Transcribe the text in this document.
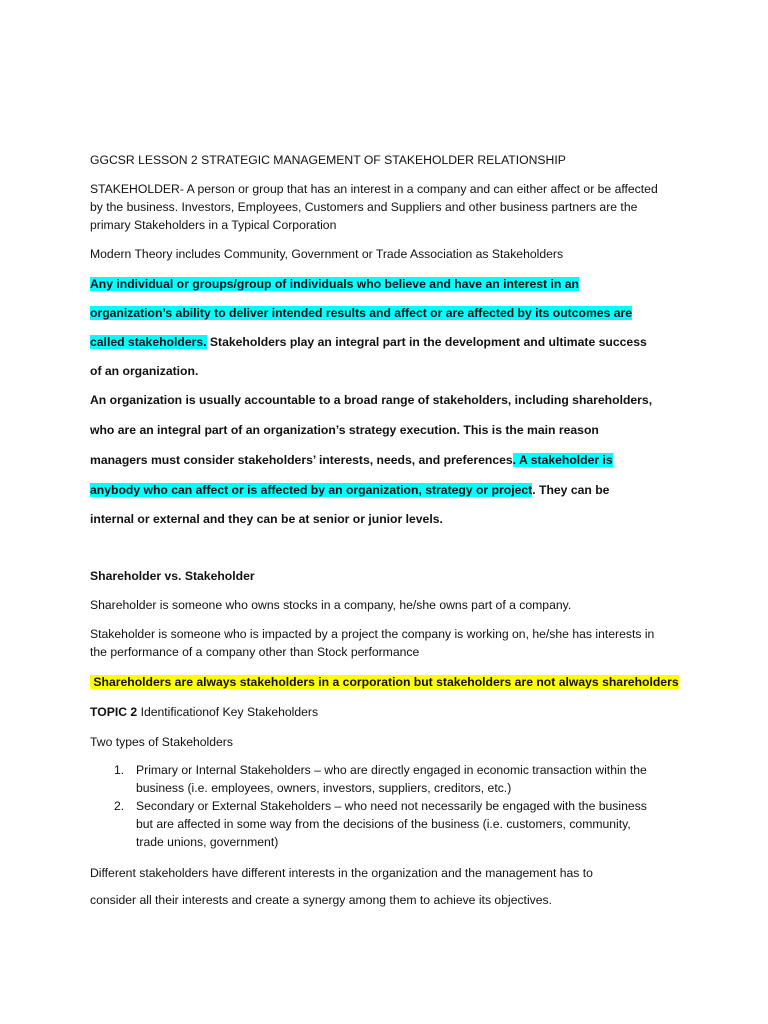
GGCSR LESSON 2 STRATEGIC MANAGEMENT OF STAKEHOLDER RELATIONSHIP
STAKEHOLDER- A person or group that has an interest in a company and can either affect or be affected
by the business. Investors, Employees, Customers and Suppliers and other business partners are the
primary Stakeholders in a Typical Corporation
Modern Theory includes Community, Government or Trade Association as Stakeholders
Any individual or groups/group of individuals who believe and have an interest in an
organization’s ability to deliver intended results and affect or are affected by its outcomes are
called stakeholders. Stakeholders play an integral part in the development and ultimate success
of an organization.
An organization is usually accountable to a broad range of stakeholders, including shareholders,
who are an integral part of an organization’s strategy execution. This is the main reason
managers must consider stakeholders’ interests, needs, and preferences. A stakeholder is
anybody who can affect or is affected by an organization, strategy or project. They can be
internal or external and they can be at senior or junior levels.
Shareholder vs. Stakeholder
Shareholder is someone who owns stocks in a company, he/she owns part of a company.
Stakeholder is someone who is impacted by a project the company is working on, he/she has interests in
the performance of a company other than Stock performance
Shareholders are always stakeholders in a corporation but stakeholders are not always shareholders
TOPIC 2 Identificationof Key Stakeholders
Two types of Stakeholders
1. Primary or Internal Stakeholders – who are directly engaged in economic transaction within the
business (i.e. employees, owners, investors, suppliers, creditors, etc.)
2. Secondary or External Stakeholders – who need not necessarily be engaged with the business
but are affected in some way from the decisions of the business (i.e. customers, community,
trade unions, government)
Different stakeholders have different interests in the organization and the management has to
consider all their interests and create a synergy among them to achieve its objectives.
